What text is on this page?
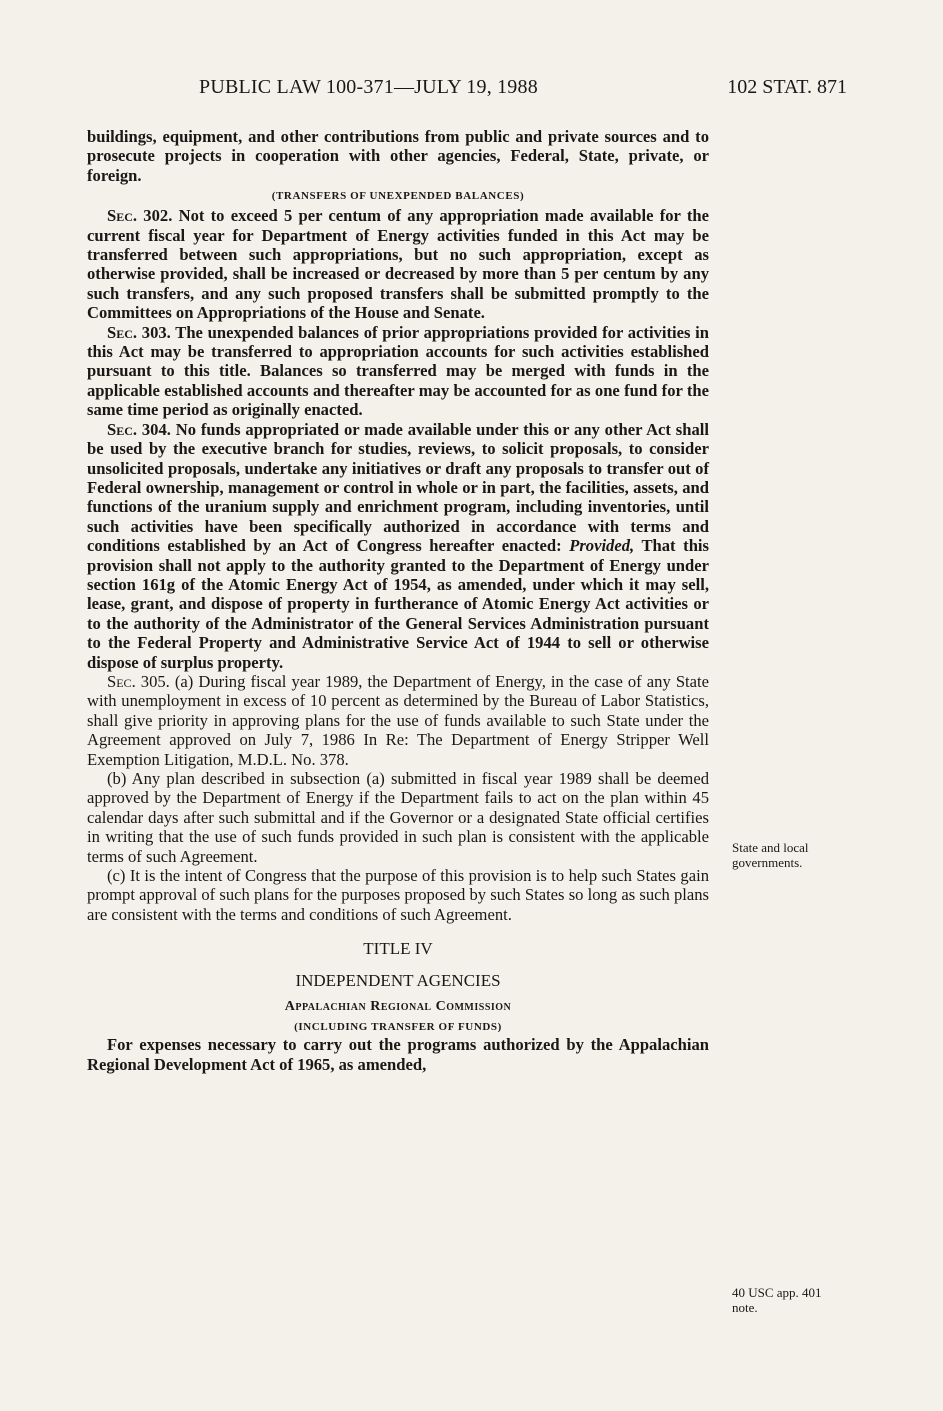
PUBLIC LAW 100-371—JULY 19, 1988	102 STAT. 871

buildings, equipment, and other contributions from public and private sources and to prosecute projects in cooperation with other agencies, Federal, State, private, or foreign.

(TRANSFERS OF UNEXPENDED BALANCES)

Sec. 302. Not to exceed 5 per centum of any appropriation made available for the current fiscal year for Department of Energy activities funded in this Act may be transferred between such appropriations, but no such appropriation, except as otherwise provided, shall be increased or decreased by more than 5 per centum by any such transfers, and any such proposed transfers shall be submitted promptly to the Committees on Appropriations of the House and Senate.

Sec. 303. The unexpended balances of prior appropriations provided for activities in this Act may be transferred to appropriation accounts for such activities established pursuant to this title. Balances so transferred may be merged with funds in the applicable established accounts and thereafter may be accounted for as one fund for the same time period as originally enacted.

Sec. 304. No funds appropriated or made available under this or any other Act shall be used by the executive branch for studies, reviews, to solicit proposals, to consider unsolicited proposals, undertake any initiatives or draft any proposals to transfer out of Federal ownership, management or control in whole or in part, the facilities, assets, and functions of the uranium supply and enrichment program, including inventories, until such activities have been specifically authorized in accordance with terms and conditions established by an Act of Congress hereafter enacted: Provided, That this provision shall not apply to the authority granted to the Department of Energy under section 161g of the Atomic Energy Act of 1954, as amended, under which it may sell, lease, grant, and dispose of property in furtherance of Atomic Energy Act activities or to the authority of the Administrator of the General Services Administration pursuant to the Federal Property and Administrative Service Act of 1944 to sell or otherwise dispose of surplus property.

Sec. 305. (a) During fiscal year 1989, the Department of Energy, in the case of any State with unemployment in excess of 10 percent as determined by the Bureau of Labor Statistics, shall give priority in approving plans for the use of funds available to such State under the Agreement approved on July 7, 1986 In Re: The Department of Energy Stripper Well Exemption Litigation, M.D.L. No. 378.

(b) Any plan described in subsection (a) submitted in fiscal year 1989 shall be deemed approved by the Department of Energy if the Department fails to act on the plan within 45 calendar days after such submittal and if the Governor or a designated State official certifies in writing that the use of such funds provided in such plan is consistent with the applicable terms of such Agreement.

(c) It is the intent of Congress that the purpose of this provision is to help such States gain prompt approval of such plans for the purposes proposed by such States so long as such plans are consistent with the terms and conditions of such Agreement.

TITLE IV
INDEPENDENT AGENCIES
Appalachian Regional Commission
(INCLUDING TRANSFER OF FUNDS)

For expenses necessary to carry out the programs authorized by the Appalachian Regional Development Act of 1965, as amended,

State and local
governments.
40 USC app. 401
note.
